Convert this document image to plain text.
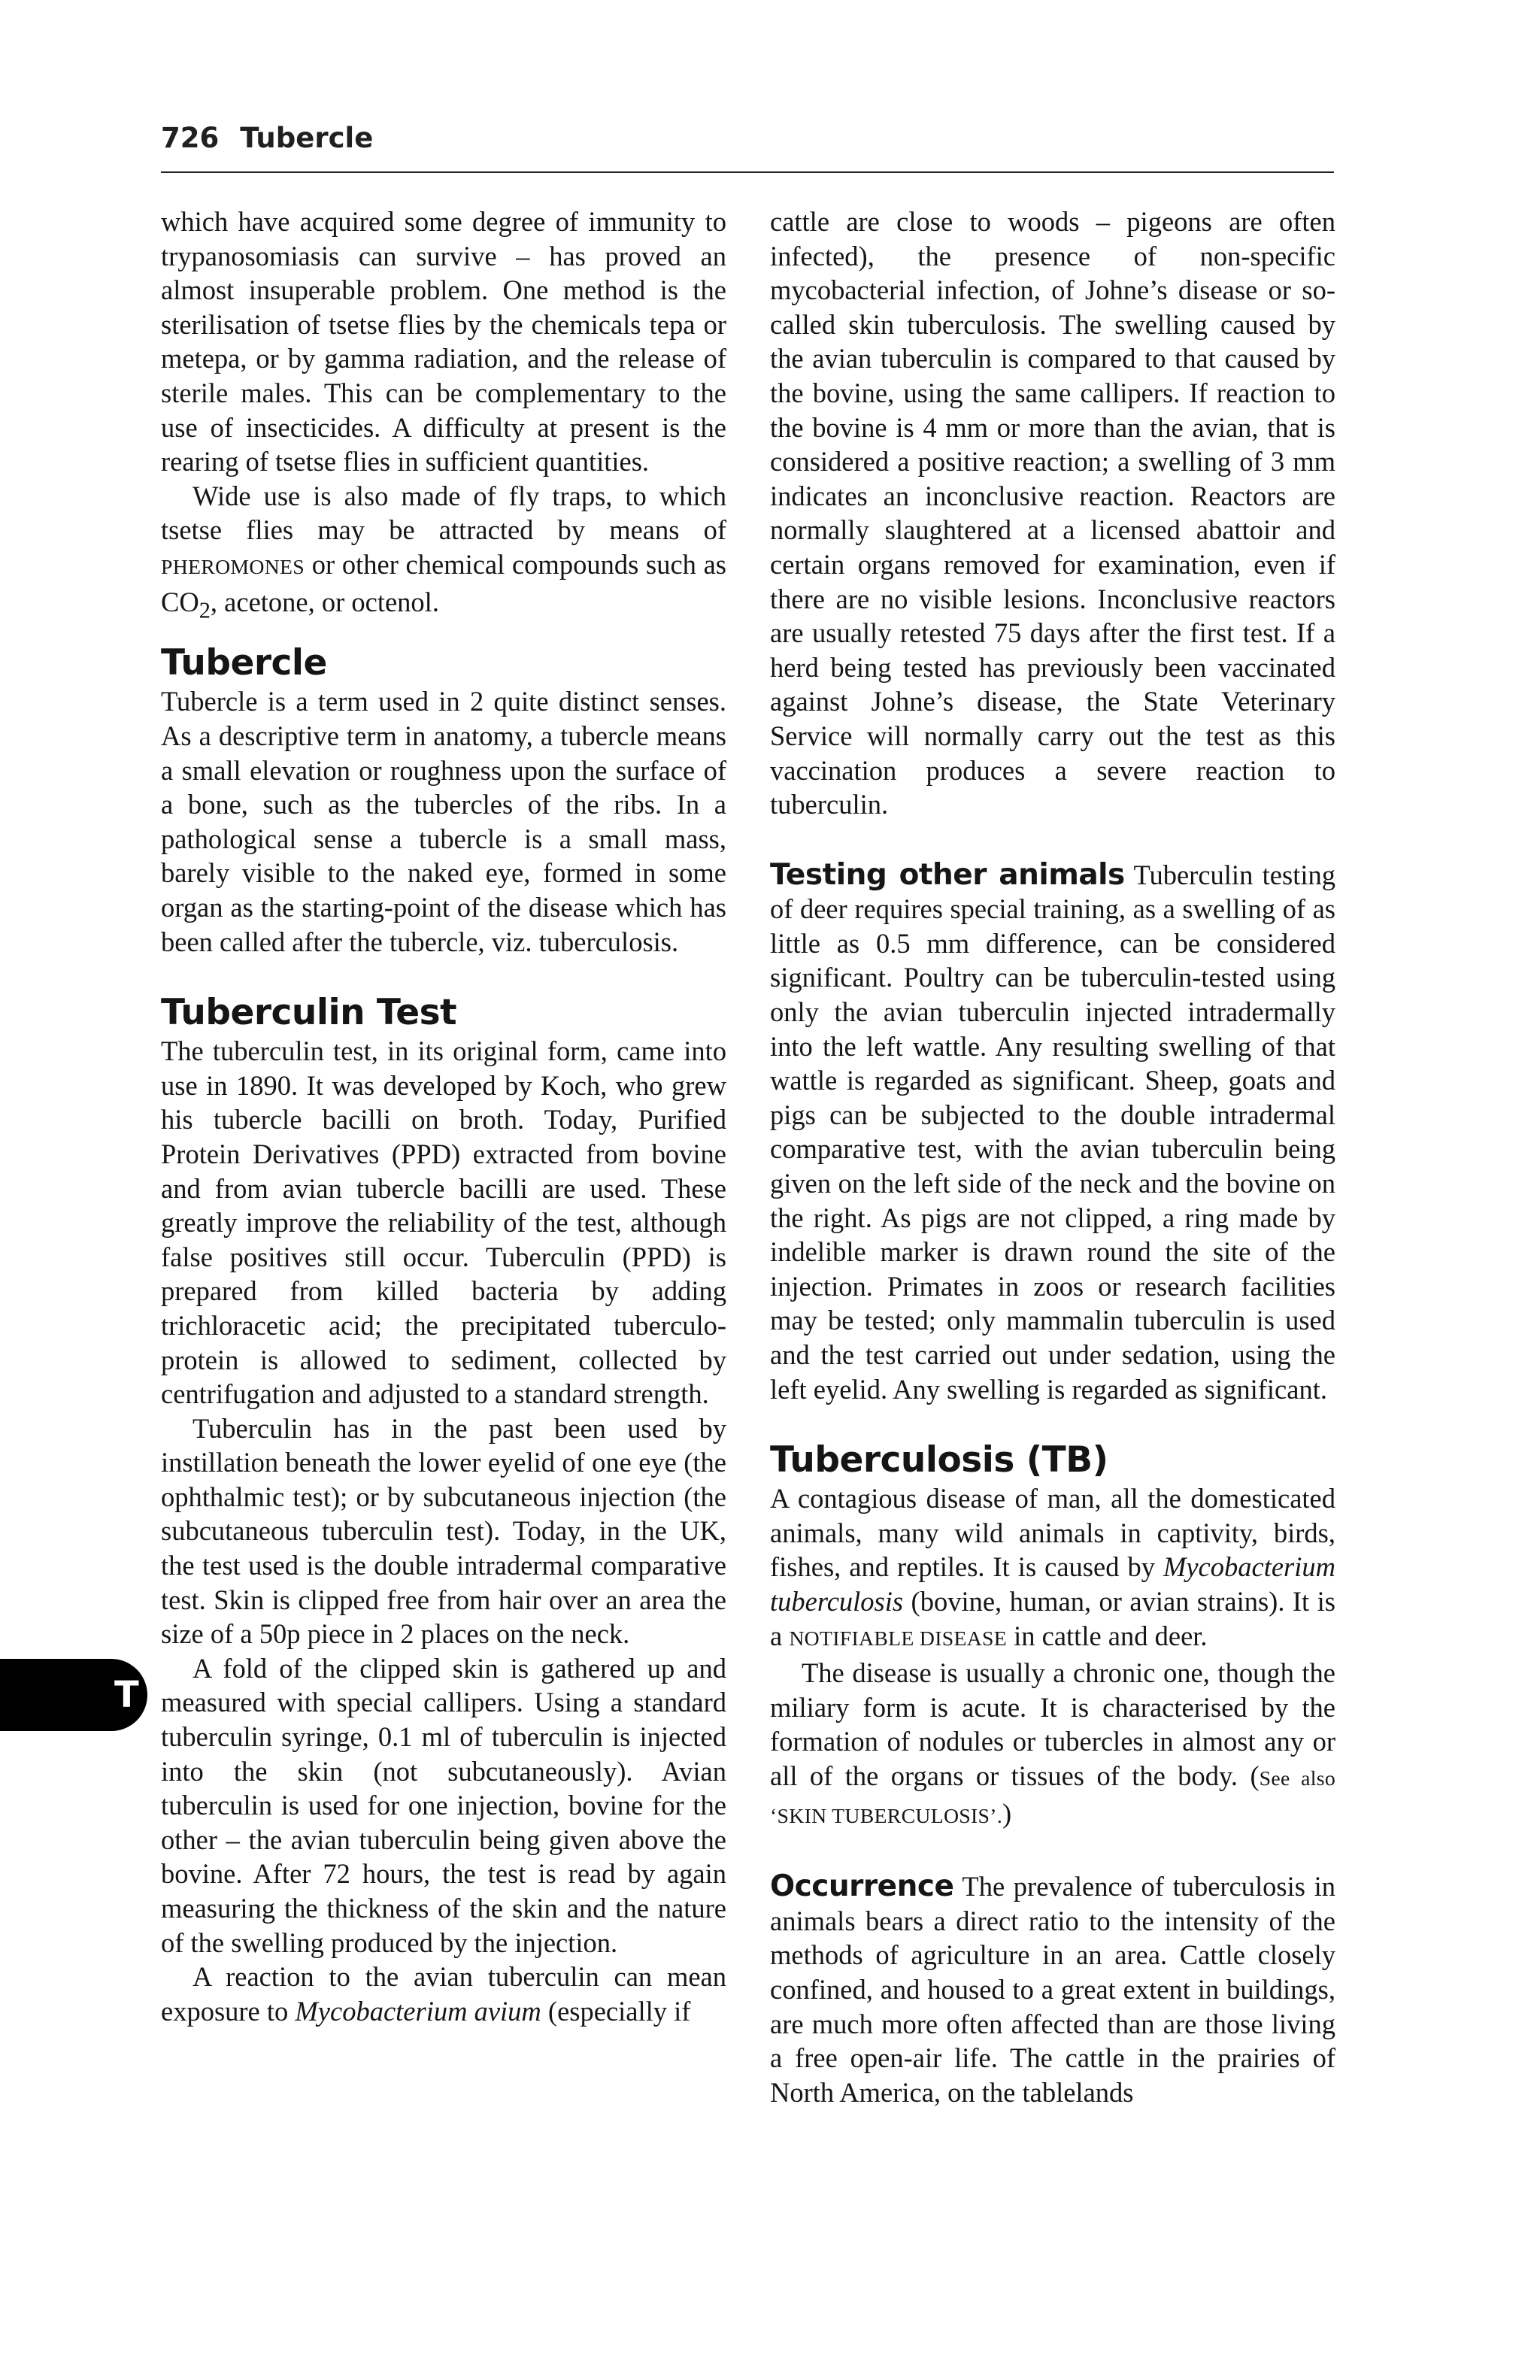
726 Tubercle

which have acquired some degree of immunity to trypanosomiasis can survive – has proved an almost insuperable problem. One method is the sterilisation of tsetse flies by the chemicals tepa or metepa, or by gamma radiation, and the release of sterile males. This can be complementary to the use of insecticides. A difficulty at present is the rearing of tsetse flies in sufficient quantities.

Wide use is also made of fly traps, to which tsetse flies may be attracted by means of PHEROMONES or other chemical compounds such as $CO_2$, acetone, or octenol.

Tubercle

Tubercle is a term used in 2 quite distinct senses. As a descriptive term in anatomy, a tubercle means a small elevation or roughness upon the surface of a bone, such as the tubercles of the ribs. In a pathological sense a tubercle is a small mass, barely visible to the naked eye, formed in some organ as the starting-point of the disease which has been called after the tubercle, viz. tuberculosis.

Tuberculin Test

The tuberculin test, in its original form, came into use in 1890. It was developed by Koch, who grew his tubercle bacilli on broth. Today, Purified Protein Derivatives (PPD) extracted from bovine and from avian tubercle bacilli are used. These greatly improve the reliability of the test, although false positives still occur. Tuberculin (PPD) is prepared from killed bacteria by adding trichloracetic acid; the precipitated tuberculo-protein is allowed to sediment, collected by centrifugation and adjusted to a standard strength.

Tuberculin has in the past been used by instillation beneath the lower eyelid of one eye (the ophthalmic test); or by subcutaneous injection (the subcutaneous tuberculin test). Today, in the UK, the test used is the double intradermal comparative test. Skin is clipped free from hair over an area the size of a 50p piece in 2 places on the neck.

A fold of the clipped skin is gathered up and measured with special callipers. Using a standard tuberculin syringe, 0.1 ml of tuberculin is injected into the skin (not subcutaneously). Avian tuberculin is used for one injection, bovine for the other – the avian tuberculin being given above the bovine. After 72 hours, the test is read by again measuring the thickness of the skin and the nature of the swelling produced by the injection.

A reaction to the avian tuberculin can mean exposure to Mycobacterium avium (especially if

cattle are close to woods – pigeons are often infected), the presence of non-specific mycobacterial infection, of Johne’s disease or so-called skin tuberculosis. The swelling caused by the avian tuberculin is compared to that caused by the bovine, using the same callipers. If reaction to the bovine is 4 mm or more than the avian, that is considered a positive reaction; a swelling of 3 mm indicates an inconclusive reaction. Reactors are normally slaughtered at a licensed abattoir and certain organs removed for examination, even if there are no visible lesions. Inconclusive reactors are usually retested 75 days after the first test. If a herd being tested has previously been vaccinated against Johne’s disease, the State Veterinary Service will normally carry out the test as this vaccination produces a severe reaction to tuberculin.

Testing other animals Tuberculin testing of deer requires special training, as a swelling of as little as 0.5 mm difference, can be considered significant. Poultry can be tuberculin-tested using only the avian tuberculin injected intradermally into the left wattle. Any resulting swelling of that wattle is regarded as significant. Sheep, goats and pigs can be subjected to the double intradermal comparative test, with the avian tuberculin being given on the left side of the neck and the bovine on the right. As pigs are not clipped, a ring made by indelible marker is drawn round the site of the injection. Primates in zoos or research facilities may be tested; only mammalin tuberculin is used and the test carried out under sedation, using the left eyelid. Any swelling is regarded as significant.

Tuberculosis (TB)

A contagious disease of man, all the domesticated animals, many wild animals in captivity, birds, fishes, and reptiles. It is caused by Mycobacterium tuberculosis (bovine, human, or avian strains). It is a NOTIFIABLE DISEASE in cattle and deer.

The disease is usually a chronic one, though the miliary form is acute. It is characterised by the formation of nodules or tubercles in almost any or all of the organs or tissues of the body. (See also ‘SKIN TUBERCULOSIS’.)

Occurrence The prevalence of tuberculosis in animals bears a direct ratio to the intensity of the methods of agriculture in an area. Cattle closely confined, and housed to a great extent in buildings, are much more often affected than are those living a free open-air life. The cattle in the prairies of North America, on the tablelands

T
